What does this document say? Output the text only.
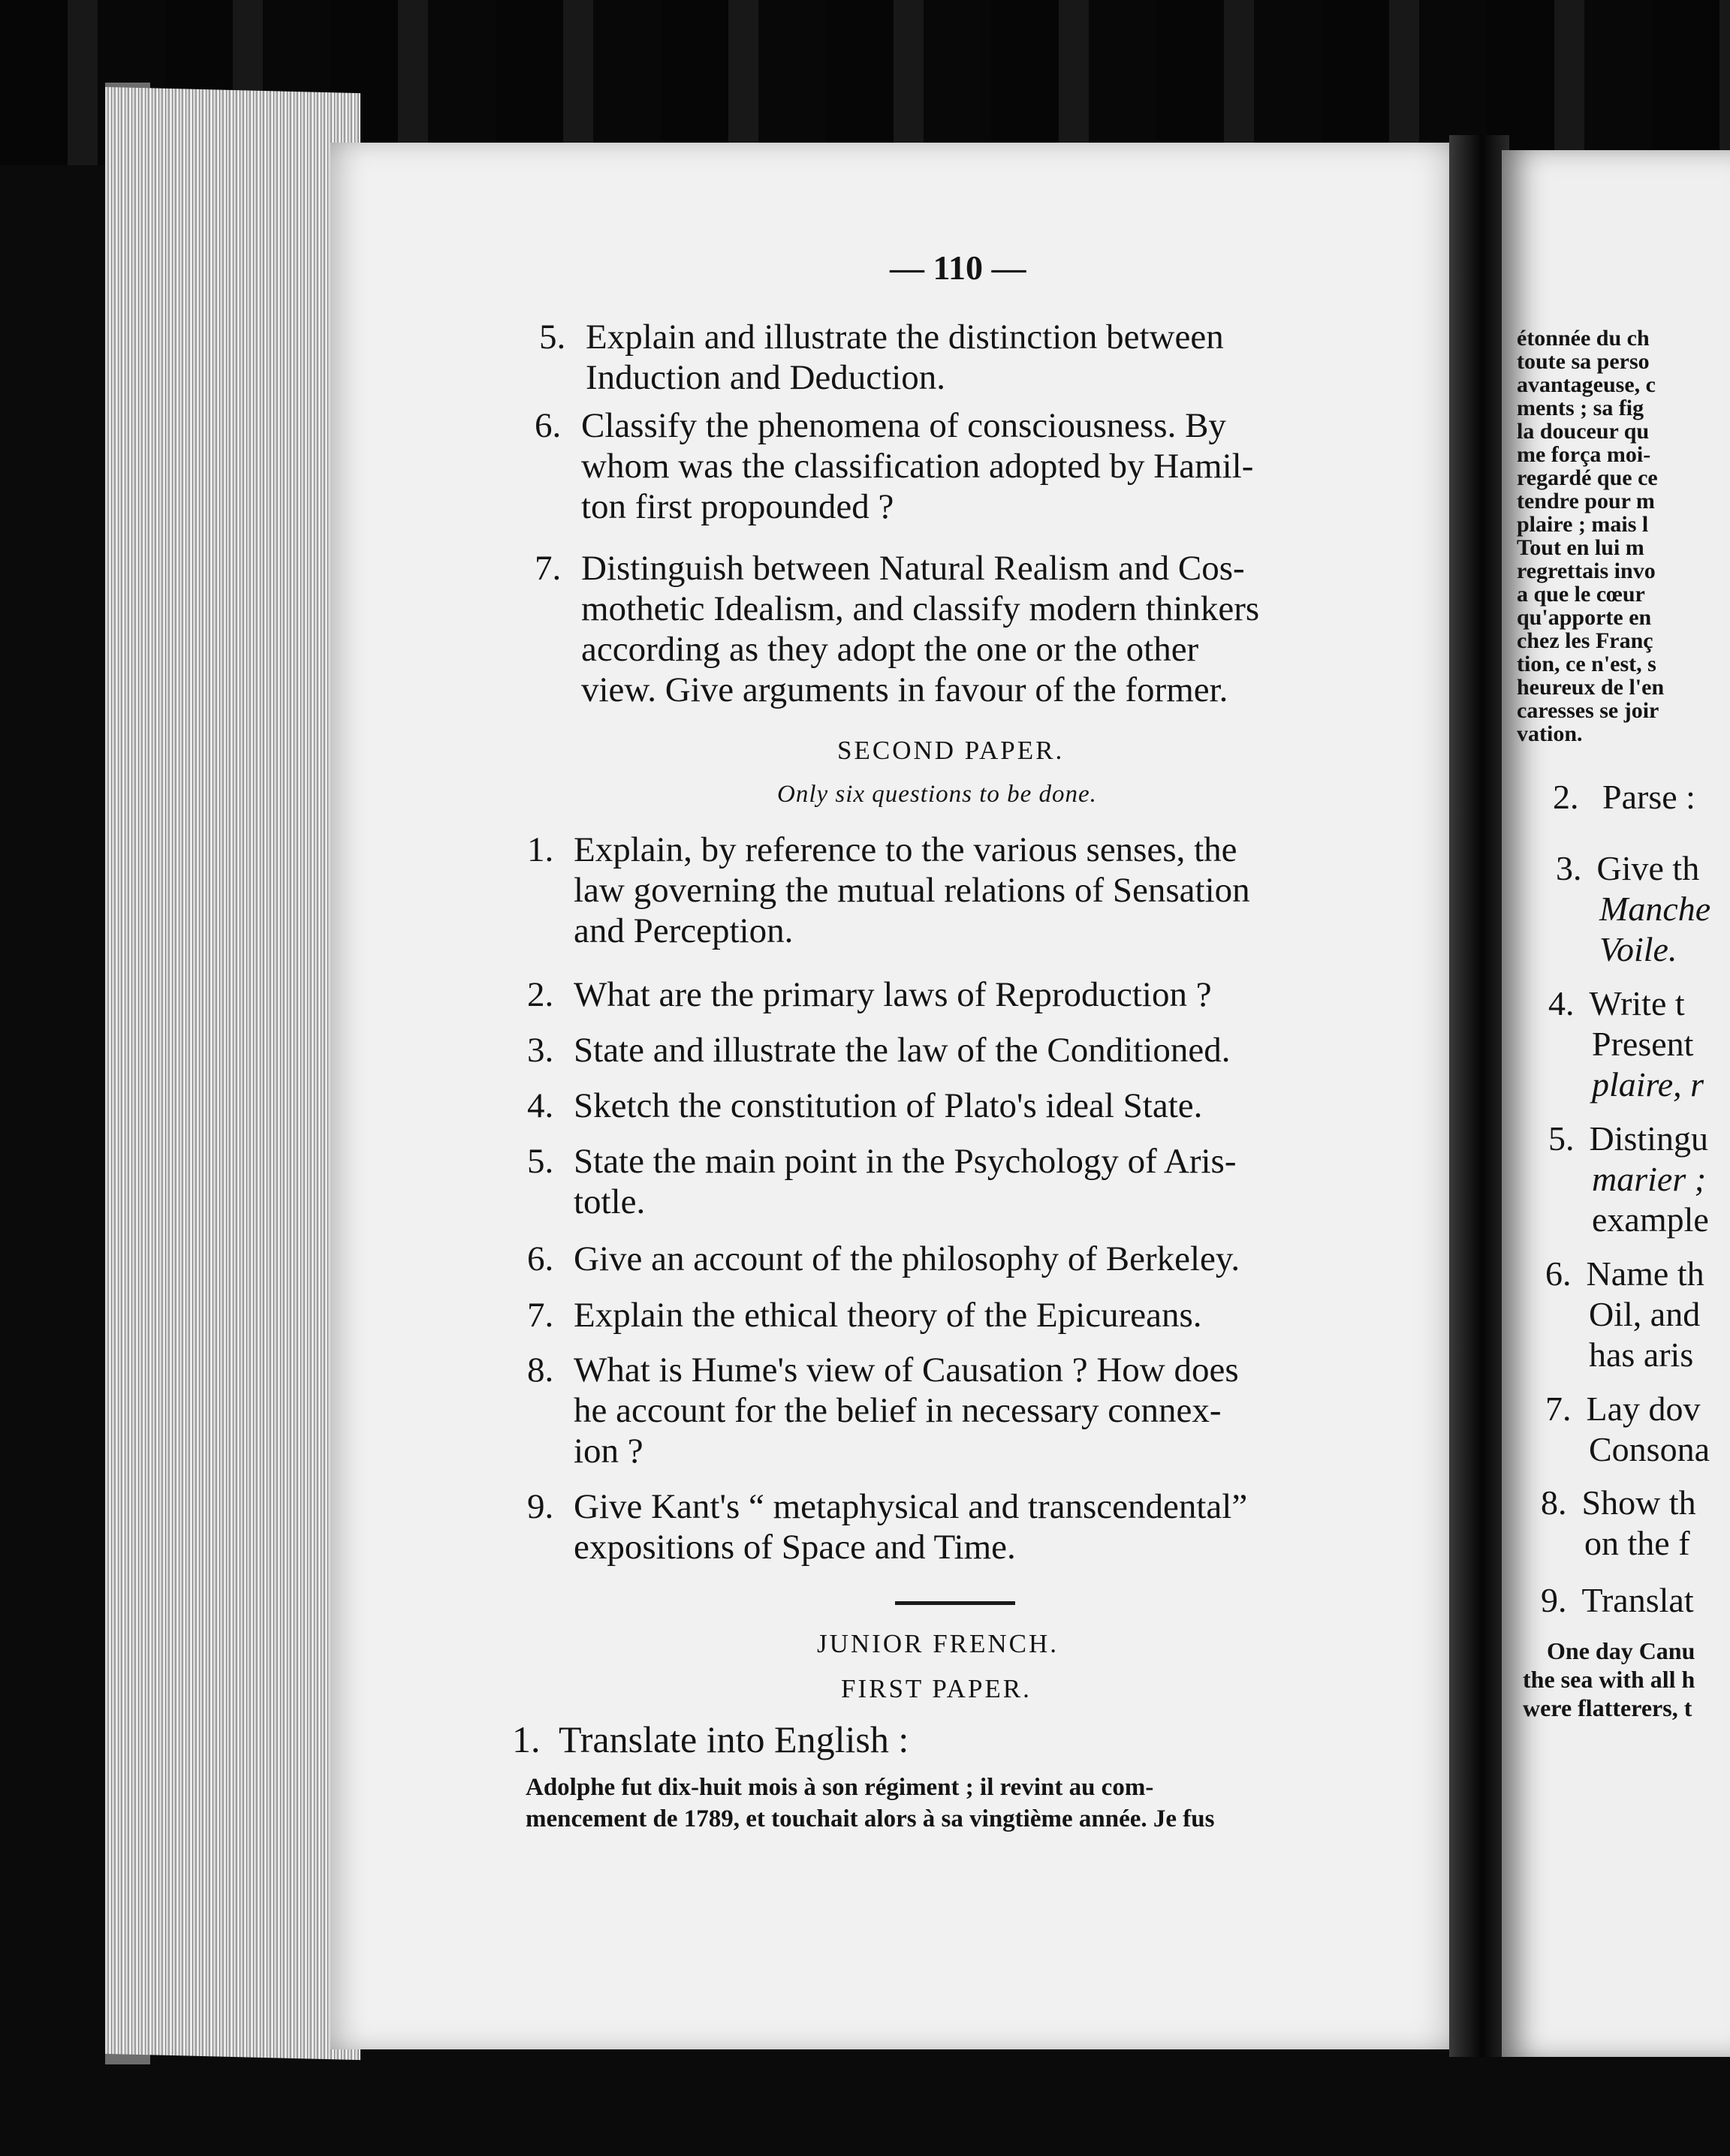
— 110 —
5. Explain and illustrate the distinction between
Induction and Deduction.
6. Classify the phenomena of consciousness. By
whom was the classification adopted by Hamil-
ton first propounded ?
7. Distinguish between Natural Realism and Cos-
mothetic Idealism, and classify modern thinkers
according as they adopt the one or the other
view. Give arguments in favour of the former.
SECOND PAPER.
Only six questions to be done.
1. Explain, by reference to the various senses, the
law governing the mutual relations of Sensation
and Perception.
2. What are the primary laws of Reproduction ?
3. State and illustrate the law of the Conditioned.
4. Sketch the constitution of Plato's ideal State.
5. State the main point in the Psychology of Aris-
totle.
6. Give an account of the philosophy of Berkeley.
7. Explain the ethical theory of the Epicureans.
8. What is Hume's view of Causation ? How does
he account for the belief in necessary connex-
ion ?
9. Give Kant's “ metaphysical and transcendental”
expositions of Space and Time.
JUNIOR FRENCH.
FIRST PAPER.
1. Translate into English :
Adolphe fut dix-huit mois à son régiment ; il revint au com-
mencement de 1789, et touchait alors à sa vingtième année. Je fus
étonnée du ch
toute sa perso
avantageuse, c
ments ; sa fig
la douceur qu
me força moi-
regardé que ce
tendre pour m
plaire ; mais l
Tout en lui m
regrettais invo
a que le cœur
qu'apporte en
chez les Franç
tion, ce n'est, s
heureux de l'en
caresses se joir
vation.
2. Parse :
3. Give th
Manche
Voile.
4. Write t
Present
plaire, r
5. Distingu
marier ;
example
6. Name th
Oil, and
has aris
7. Lay dov
Consona
8. Show th
on the f
9. Translat
One day Canu
the sea with all h
were flatterers, t
